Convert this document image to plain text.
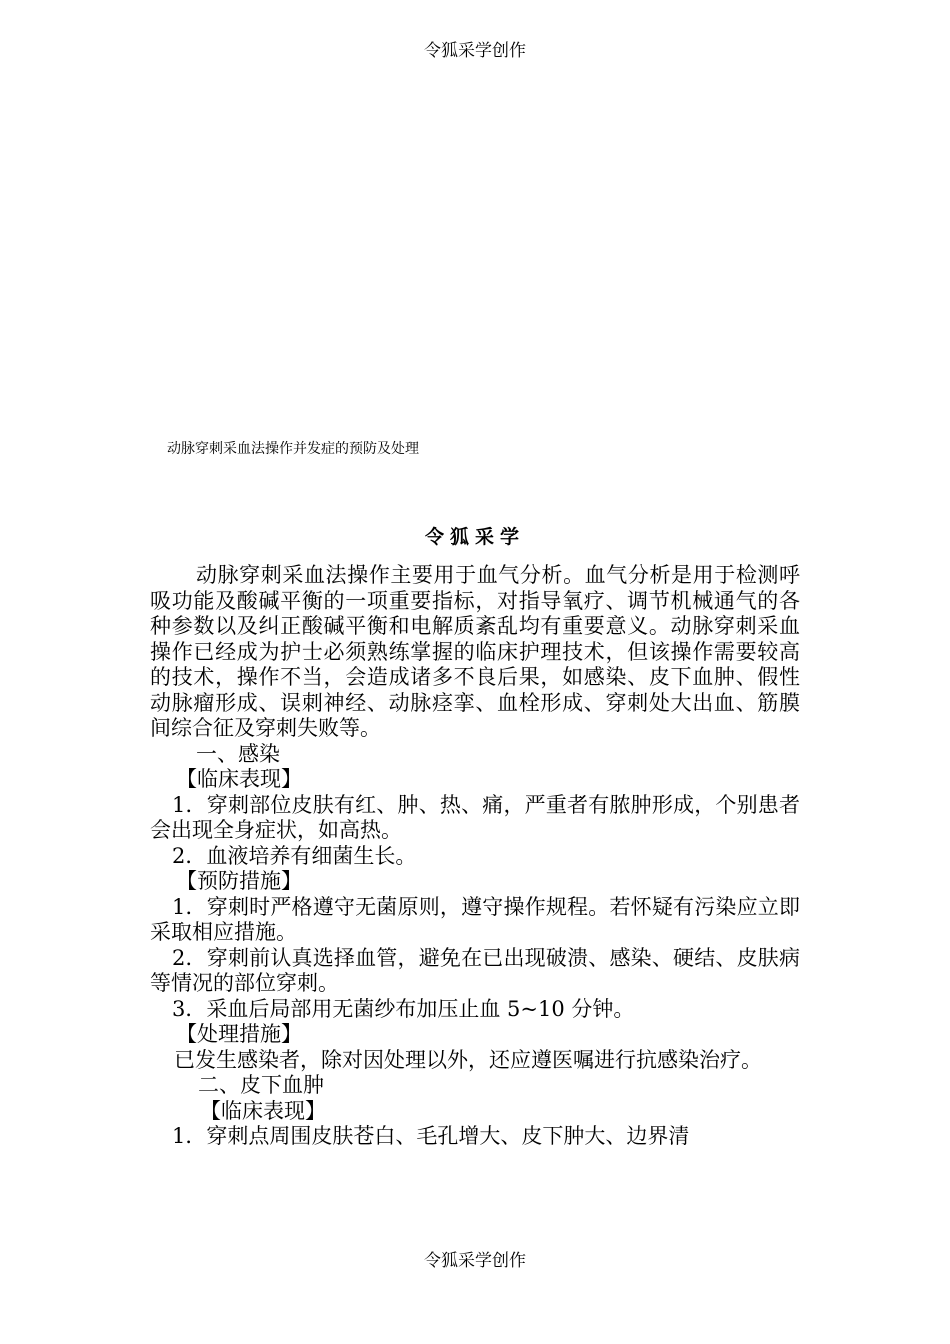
令狐采学创作
动脉穿刺采血法操作并发症的预防及处理
令狐采学

动脉穿刺采血法操作主要用于血气分析。血气分析是用于检测呼吸功能及酸碱平衡的一项重要指标，对指导氧疗、调节机械通气的各种参数以及纠正酸碱平衡和电解质紊乱均有重要意义。动脉穿刺采血操作已经成为护士必须熟练掌握的临床护理技术，但该操作需要较高的技术，操作不当，会造成诸多不良后果，如感染、皮下血肿、假性动脉瘤形成、误刺神经、动脉痉挛、血栓形成、穿刺处大出血、筋膜间综合征及穿刺失败等。

一、感染

【临床表现】

1．穿刺部位皮肤有红、肿、热、痛，严重者有脓肿形成，个别患者会出现全身症状，如高热。

2．血液培养有细菌生长。

【预防措施】

1．穿刺时严格遵守无菌原则，遵守操作规程。若怀疑有污染应立即采取相应措施。

2．穿刺前认真选择血管，避免在已出现破溃、感染、硬结、皮肤病等情况的部位穿刺。

3．采血后局部用无菌纱布加压止血 5~10 分钟。

【处理措施】

已发生感染者，除对因处理以外，还应遵医嘱进行抗感染治疗。

二、皮下血肿

【临床表现】

1．穿刺点周围皮肤苍白、毛孔增大、皮下肿大、边界清

令狐采学创作
